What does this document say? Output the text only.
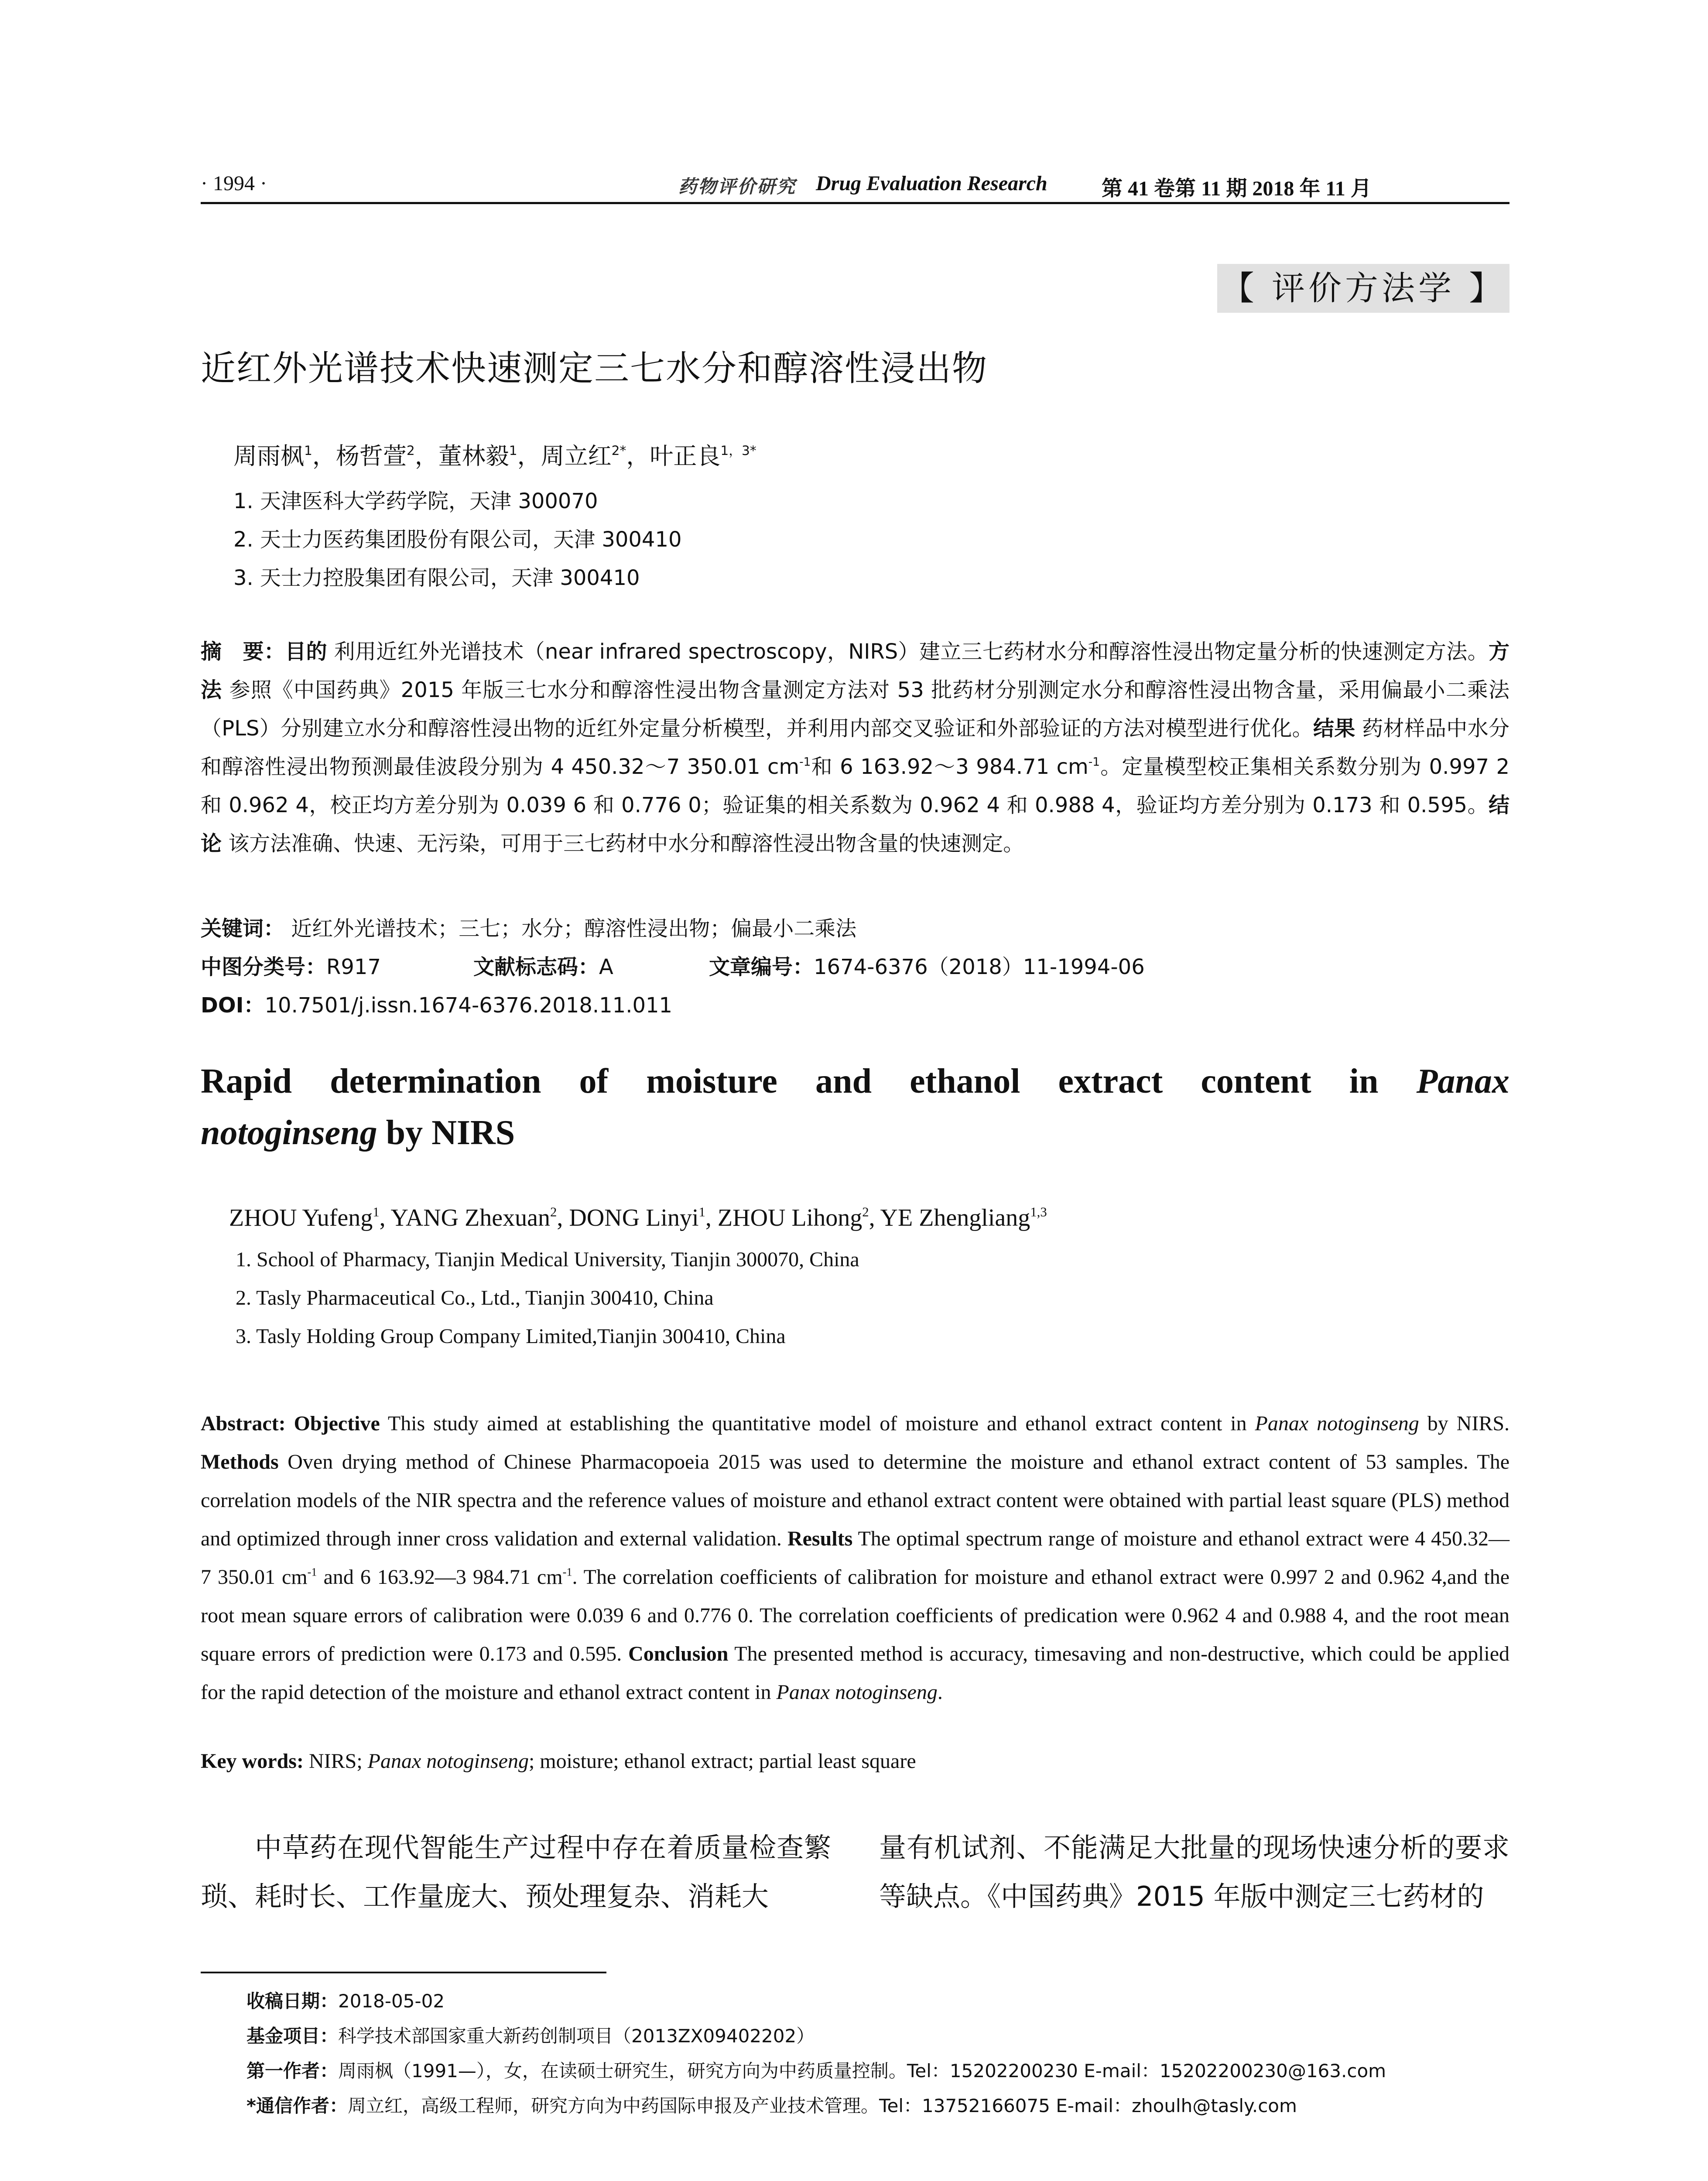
· 1994 ·	药物评价研究 Drug Evaluation Research	第 41 卷第 11 期 2018 年 11 月
【 评价方法学 】
近红外光谱技术快速测定三七水分和醇溶性浸出物
周雨枫$^1$，杨哲萱$^2$，董林毅$^1$，周立红$^{2*}$，叶正良$^{1,3*}$
1. 天津医科大学药学院，天津 300070
2. 天士力医药集团股份有限公司，天津 300410
3. 天士力控股集团有限公司，天津 300410
摘　要：目的 利用近红外光谱技术（near infrared spectroscopy，NIRS）建立三七药材水分和醇溶性浸出物定量分析的快速测定方法。方法 参照《中国药典》2015 年版三七水分和醇溶性浸出物含量测定方法对 53 批药材分别测定水分和醇溶性浸出物含量，采用偏最小二乘法（PLS）分别建立水分和醇溶性浸出物的近红外定量分析模型，并利用内部交叉验证和外部验证的方法对模型进行优化。结果 药材样品中水分和醇溶性浸出物预测最佳波段分别为 4 450.32～7 350.01 $cm^{-1}$和 6 163.92～3 984.71 $cm^{-1}$。定量模型校正集相关系数分别为 0.997 2 和 0.962 4，校正均方差分别为 0.039 6 和 0.776 0；验证集的相关系数为 0.962 4 和 0.988 4，验证均方差分别为 0.173 和 0.595。结论 该方法准确、快速、无污染，可用于三七药材中水分和醇溶性浸出物含量的快速测定。
关键词： 近红外光谱技术；三七；水分；醇溶性浸出物；偏最小二乘法
中图分类号：R917	文献标志码：A	文章编号：1674-6376（2018）11-1994-06
DOI：10.7501/j.issn.1674-6376.2018.11.011
Rapid determination of moisture and ethanol extract content in Panax
notoginseng by NIRS
ZHOU Yufeng$^1$, YANG Zhexuan$^2$, DONG Linyi$^1$, ZHOU Lihong$^2$, YE Zhengliang$^{1,3}$
1. School of Pharmacy, Tianjin Medical University, Tianjin 300070, China
2. Tasly Pharmaceutical Co., Ltd., Tianjin 300410, China
3. Tasly Holding Group Company Limited,Tianjin 300410, China
Abstract: Objective This study aimed at establishing the quantitative model of moisture and ethanol extract content in Panax notoginseng by NIRS. Methods Oven drying method of Chinese Pharmacopoeia 2015 was used to determine the moisture and ethanol extract content of 53 samples. The correlation models of the NIR spectra and the reference values of moisture and ethanol extract content were obtained with partial least square (PLS) method and optimized through inner cross validation and external validation. Results The optimal spectrum range of moisture and ethanol extract were 4 450.32—7 350.01 $cm^{-1}$ and 6 163.92—3 984.71 $cm^{-1}$. The correlation coefficients of calibration for moisture and ethanol extract were 0.997 2 and 0.962 4,and the root mean square errors of calibration were 0.039 6 and 0.776 0. The correlation coefficients of predication were 0.962 4 and 0.988 4, and the root mean square errors of prediction were 0.173 and 0.595. Conclusion The presented method is accuracy, timesaving and non-destructive, which could be applied for the rapid detection of the moisture and ethanol extract content in Panax notoginseng.
Key words: NIRS; Panax notoginseng; moisture; ethanol extract; partial least square
中草药在现代智能生产过程中存在着质量检查繁琐、耗时长、工作量庞大、预处理复杂、消耗大
量有机试剂、不能满足大批量的现场快速分析的要求等缺点。《中国药典》2015 年版中测定三七药材的
收稿日期：2018-05-02
基金项目：科学技术部国家重大新药创制项目（2013ZX09402202）
第一作者：周雨枫（1991—），女，在读硕士研究生，研究方向为中药质量控制。Tel：15202200230 E-mail：15202200230@163.com
*通信作者：周立红，高级工程师，研究方向为中药国际申报及产业技术管理。Tel：13752166075 E-mail：zhoulh@tasly.com
